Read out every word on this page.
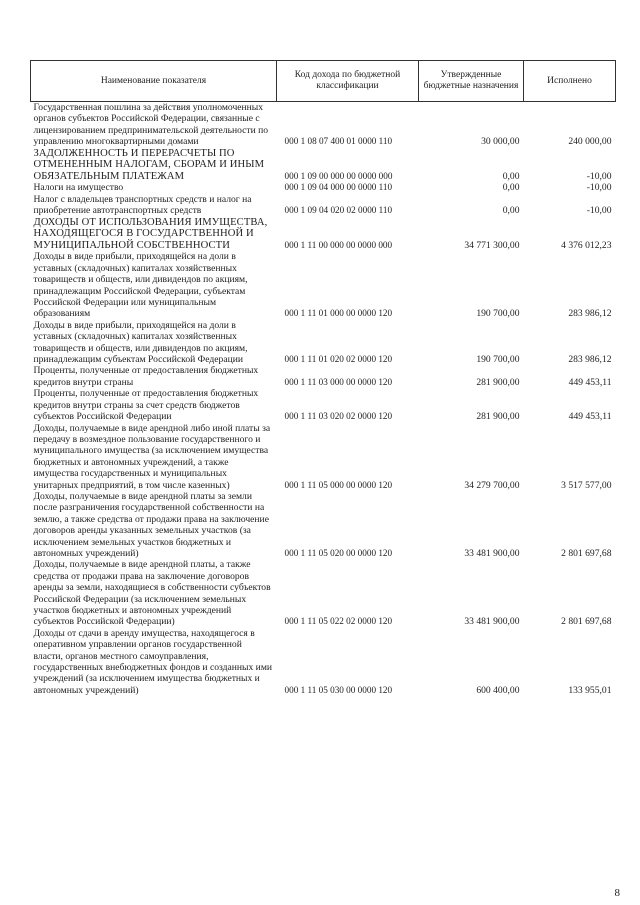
Наименование показателя	Код дохода по бюджетной классификации	Утвержденные бюджетные назначения	Исполнено
Государственная пошлина за действия уполномоченных органов субъектов Российской Федерации, связанные с лицензированием предпринимательской деятельности по управлению многоквартирными домами	000 1 08 07 400 01 0000 110	30 000,00	240 000,00
ЗАДОЛЖЕННОСТЬ И ПЕРЕРАСЧЕТЫ ПО ОТМЕНЕННЫМ НАЛОГАМ, СБОРАМ И ИНЫМ ОБЯЗАТЕЛЬНЫМ ПЛАТЕЖАМ	000 1 09 00 000 00 0000 000	0,00	-10,00
Налоги на имущество	000 1 09 04 000 00 0000 110	0,00	-10,00
Налог с владельцев транспортных средств и налог на приобретение автотранспортных средств	000 1 09 04 020 02 0000 110	0,00	-10,00
ДОХОДЫ ОТ ИСПОЛЬЗОВАНИЯ ИМУЩЕСТВА, НАХОДЯЩЕГОСЯ В ГОСУДАРСТВЕННОЙ И МУНИЦИПАЛЬНОЙ СОБСТВЕННОСТИ	000 1 11 00 000 00 0000 000	34 771 300,00	4 376 012,23
Доходы в виде прибыли, приходящейся на доли в уставных (складочных) капиталах хозяйственных товариществ и обществ, или дивидендов по акциям, принадлежащим Российской Федерации, субъектам Российской Федерации или муниципальным образованиям	000 1 11 01 000 00 0000 120	190 700,00	283 986,12
Доходы в виде прибыли, приходящейся на доли в уставных (складочных) капиталах хозяйственных товариществ и обществ, или дивидендов по акциям, принадлежащим субъектам Российской Федерации	000 1 11 01 020 02 0000 120	190 700,00	283 986,12
Проценты, полученные от предоставления бюджетных кредитов внутри страны	000 1 11 03 000 00 0000 120	281 900,00	449 453,11
Проценты, полученные от предоставления бюджетных кредитов внутри страны за счет средств бюджетов субъектов Российской Федерации	000 1 11 03 020 02 0000 120	281 900,00	449 453,11
Доходы, получаемые в виде арендной либо иной платы за передачу в возмездное пользование государственного и муниципального имущества (за исключением имущества бюджетных и автономных учреждений, а также имущества государственных и муниципальных унитарных предприятий, в том числе казенных)	000 1 11 05 000 00 0000 120	34 279 700,00	3 517 577,00
Доходы, получаемые в виде арендной платы за земли после разграничения государственной собственности на землю, а также средства от продажи права на заключение договоров аренды указанных земельных участков (за исключением земельных участков бюджетных и автономных учреждений)	000 1 11 05 020 00 0000 120	33 481 900,00	2 801 697,68
Доходы, получаемые в виде арендной платы, а также средства от продажи права на заключение договоров аренды за земли, находящиеся в собственности субъектов Российской Федерации (за исключением земельных участков бюджетных и автономных учреждений субъектов Российской Федерации)	000 1 11 05 022 02 0000 120	33 481 900,00	2 801 697,68
Доходы от сдачи в аренду имущества, находящегося в оперативном управлении органов государственной власти, органов местного самоуправления, государственных внебюджетных фондов и созданных ими учреждений (за исключением имущества бюджетных и автономных учреждений)	000 1 11 05 030 00 0000 120	600 400,00	133 955,01
8
